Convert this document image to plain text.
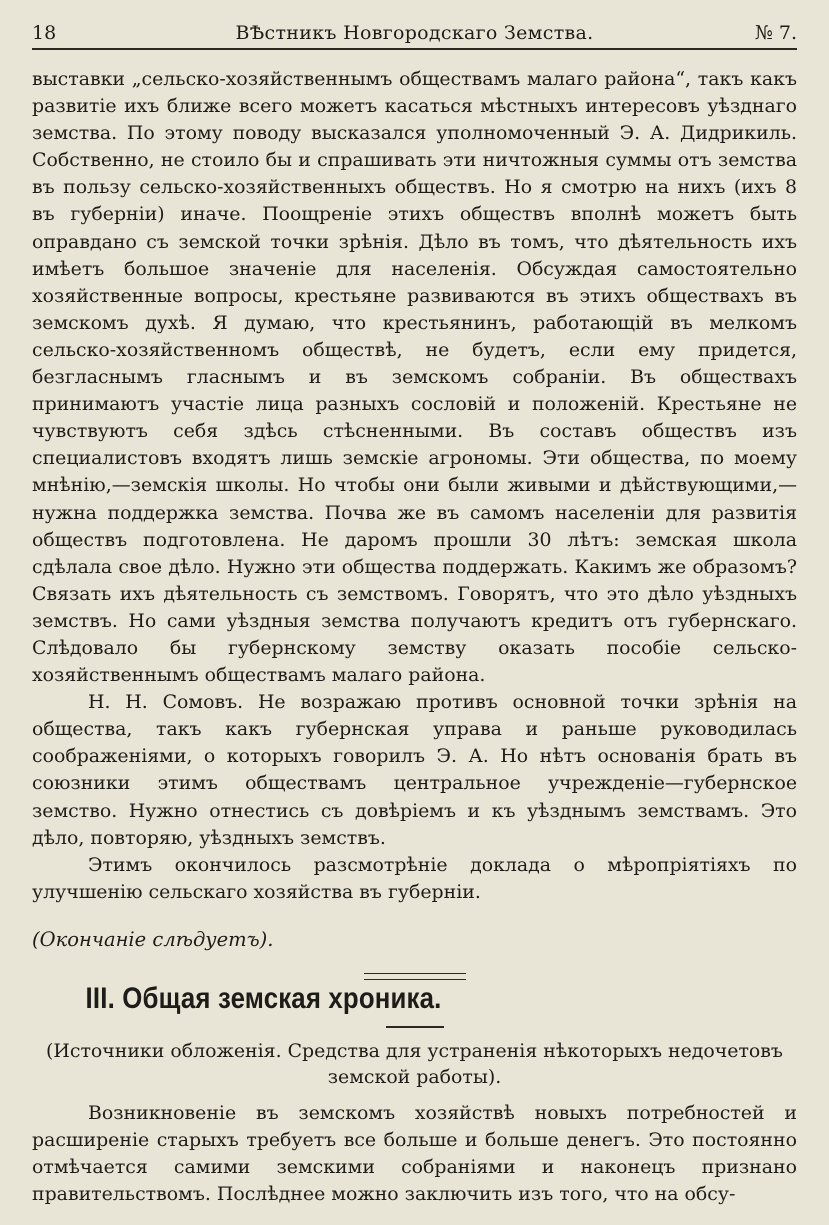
18	ВѢстникъ Новгородскаго Земства.	№ 7.

выставки „сельско-хозяйственнымъ обществамъ малаго района“, такъ какъ развитіе ихъ ближе всего можетъ касаться мѣстныхъ интересовъ уѣзднаго земства. По этому поводу высказался уполномоченный Э. А. Дидрикиль. Собственно, не стоило бы и спрашивать эти ничтожныя суммы отъ земства въ пользу сельско-хозяйственныхъ обществъ. Но я смотрю на нихъ (ихъ 8 въ губерніи) иначе. Поощреніе этихъ обществъ вполнѣ можетъ быть оправдано съ земской точки зрѣнія. Дѣло въ томъ, что дѣятельность ихъ имѣетъ большое значеніе для населенія. Обсуждая самостоятельно хозяйственные вопросы, крестьяне развиваются въ этихъ обществахъ въ земскомъ духѣ. Я думаю, что крестьянинъ, работающій въ мелкомъ сельско-хозяйственномъ обществѣ, не будетъ, если ему придется, безгласнымъ гласнымъ и въ земскомъ собраніи. Въ обществахъ принимаютъ участіе лица разныхъ сословій и положеній. Крестьяне не чувствуютъ себя здѣсь стѣсненными. Въ составъ обществъ изъ специалистовъ входятъ лишь земскіе агрономы. Эти общества, по моему мнѣнію,—земскія школы. Но чтобы они были живыми и дѣйствующими,—нужна поддержка земства. Почва же въ самомъ населеніи для развитія обществъ подготовлена. Не даромъ прошли 30 лѣтъ: земская школа сдѣлала свое дѣло. Нужно эти общества поддержать. Какимъ же образомъ? Связать ихъ дѣятельность съ земствомъ. Говорятъ, что это дѣло уѣздныхъ земствъ. Но сами уѣздныя земства получаютъ кредитъ отъ губернскаго. Слѣдовало бы губернскому земству оказать пособіе сельско-хозяйственнымъ обществамъ малаго района.

Н. Н. Сомовъ. Не возражаю противъ основной точки зрѣнія на общества, такъ какъ губернская управа и раньше руководилась соображеніями, о которыхъ говорилъ Э. А. Но нѣтъ основанія брать въ союзники этимъ обществамъ центральное учрежденіе—губернское земство. Нужно отнестись съ довѣріемъ и къ уѣзднымъ земствамъ. Это дѣло, повторяю, уѣздныхъ земствъ.

Этимъ окончилось разсмотрѣніе доклада о мѣропріятіяхъ по улучшенію сельскаго хозяйства въ губерніи.

(Окончаніе слѣдуетъ).

III. Общая земская хроника.

(Источники обложенія. Средства для устраненія нѣкоторыхъ недочетовъ земской работы).

Возникновеніе въ земскомъ хозяйствѣ новыхъ потребностей и расширеніе старыхъ требуетъ все больше и больше денегъ. Это постоянно отмѣчается самими земскими собраніями и наконецъ признано правительствомъ. Послѣднее можно заключить изъ того, что на обсу-
